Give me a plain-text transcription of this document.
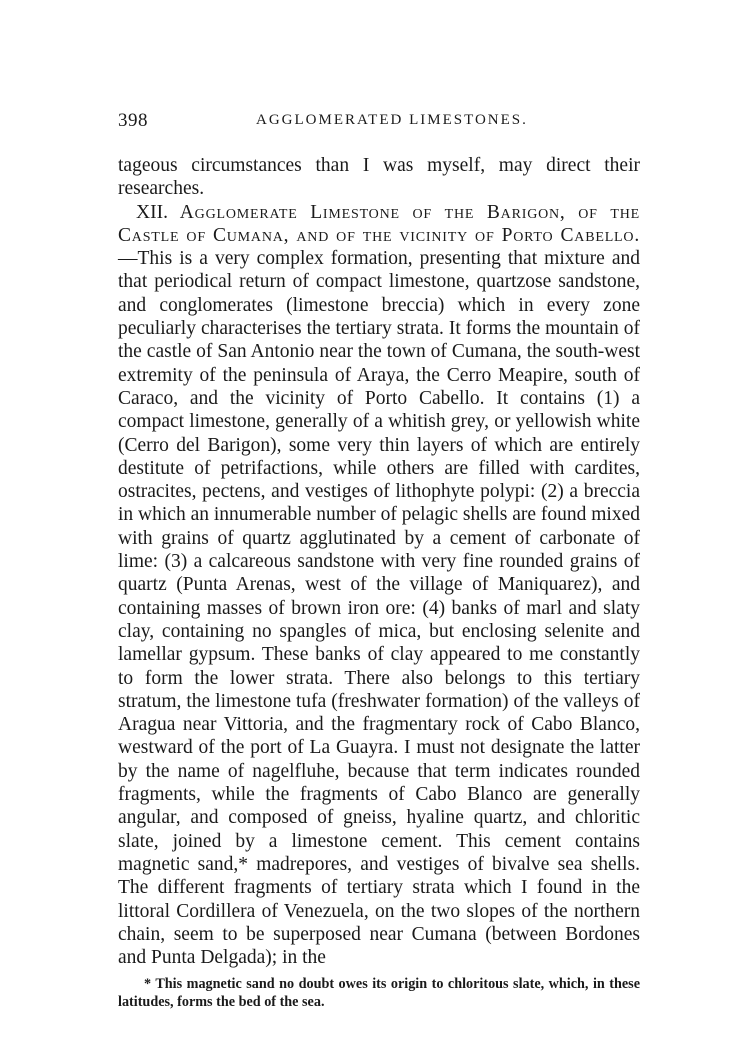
398	AGGLOMERATED LIMESTONES.

tageous circumstances than I was myself, may direct their researches.

XII. Agglomerate Limestone of the Barigon, of the Castle of Cumana, and of the vicinity of Porto Cabello.—This is a very complex formation, presenting that mixture and that periodical return of compact limestone, quartzose sandstone, and conglomerates (limestone breccia) which in every zone peculiarly characterises the tertiary strata. It forms the mountain of the castle of San Antonio near the town of Cumana, the south-west extremity of the peninsula of Araya, the Cerro Meapire, south of Caraco, and the vicinity of Porto Cabello. It contains (1) a compact limestone, generally of a whitish grey, or yellowish white (Cerro del Barigon), some very thin layers of which are entirely destitute of petrifactions, while others are filled with cardites, ostracites, pectens, and vestiges of lithophyte polypi: (2) a breccia in which an innumerable number of pelagic shells are found mixed with grains of quartz agglutinated by a cement of carbonate of lime: (3) a calcareous sandstone with very fine rounded grains of quartz (Punta Arenas, west of the village of Maniquarez), and containing masses of brown iron ore: (4) banks of marl and slaty clay, containing no spangles of mica, but enclosing selenite and lamellar gypsum. These banks of clay appeared to me constantly to form the lower strata. There also belongs to this tertiary stratum, the limestone tufa (freshwater formation) of the valleys of Aragua near Vittoria, and the fragmentary rock of Cabo Blanco, westward of the port of La Guayra. I must not designate the latter by the name of nagelfluhe, because that term indicates rounded fragments, while the fragments of Cabo Blanco are generally angular, and composed of gneiss, hyaline quartz, and chloritic slate, joined by a limestone cement. This cement contains magnetic sand,* madrepores, and vestiges of bivalve sea shells. The different fragments of tertiary strata which I found in the littoral Cordillera of Venezuela, on the two slopes of the northern chain, seem to be superposed near Cumana (between Bordones and Punta Delgada); in the

* This magnetic sand no doubt owes its origin to chloritous slate, which, in these latitudes, forms the bed of the sea.
